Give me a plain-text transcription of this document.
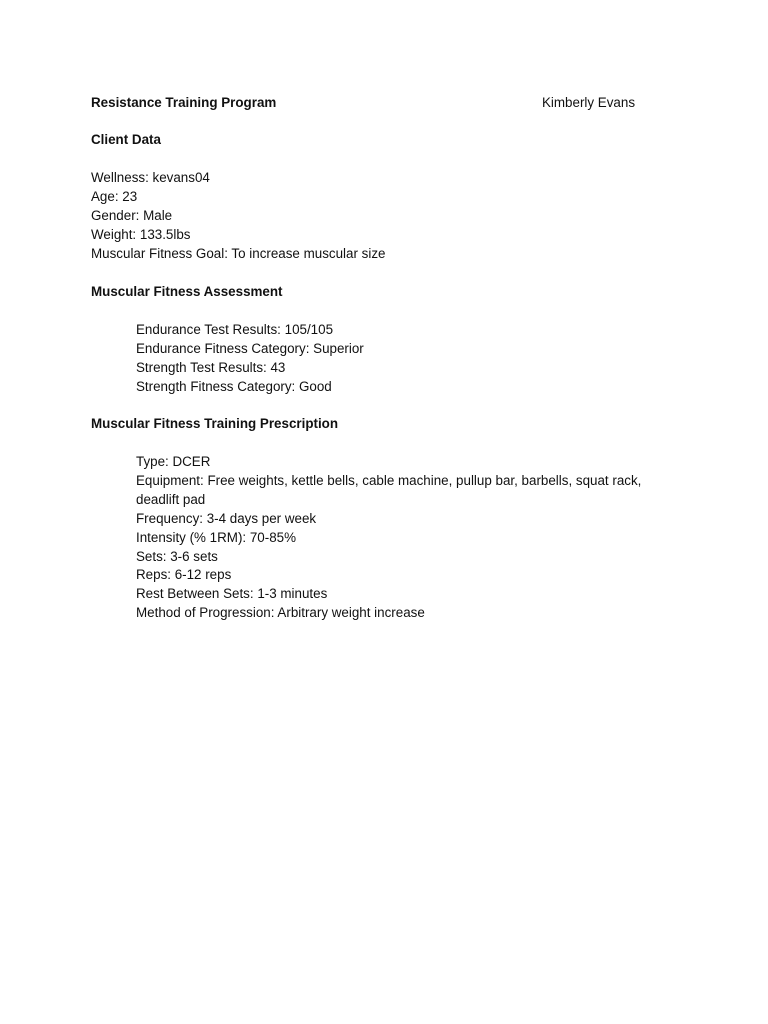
Resistance Training Program	Kimberly Evans
Client Data
Wellness: kevans04
Age: 23
Gender: Male
Weight: 133.5lbs
Muscular Fitness Goal: To increase muscular size
Muscular Fitness Assessment
Endurance Test Results: 105/105
Endurance Fitness Category: Superior
Strength Test Results: 43
Strength Fitness Category: Good
Muscular Fitness Training Prescription
Type: DCER
Equipment: Free weights, kettle bells, cable machine, pullup bar, barbells, squat rack,
deadlift pad
Frequency: 3-4 days per week
Intensity (% 1RM): 70-85%
Sets: 3-6 sets
Reps: 6-12 reps
Rest Between Sets: 1-3 minutes
Method of Progression: Arbitrary weight increase
